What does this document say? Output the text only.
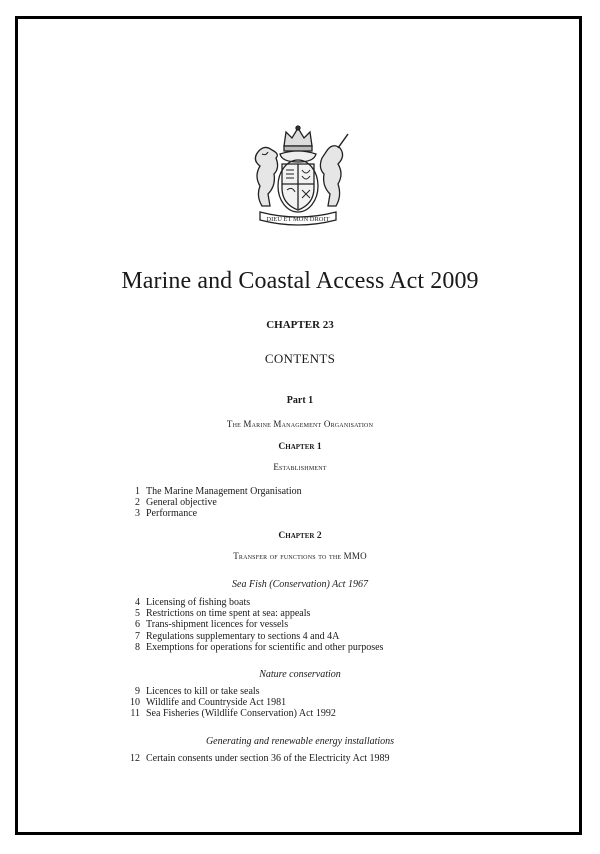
DIEU ET MON DROIT
Marine and Coastal Access Act 2009
CHAPTER 23
CONTENTS
Part 1
The Marine Management Organisation
Chapter 1
Establishment
1 The Marine Management Organisation
2 General objective
3 Performance
Chapter 2
Transfer of functions to the MMO
Sea Fish (Conservation) Act 1967
4 Licensing of fishing boats
5 Restrictions on time spent at sea: appeals
6 Trans-shipment licences for vessels
7 Regulations supplementary to sections 4 and 4A
8 Exemptions for operations for scientific and other purposes
Nature conservation
9 Licences to kill or take seals
10 Wildlife and Countryside Act 1981
11 Sea Fisheries (Wildlife Conservation) Act 1992
Generating and renewable energy installations
12 Certain consents under section 36 of the Electricity Act 1989
